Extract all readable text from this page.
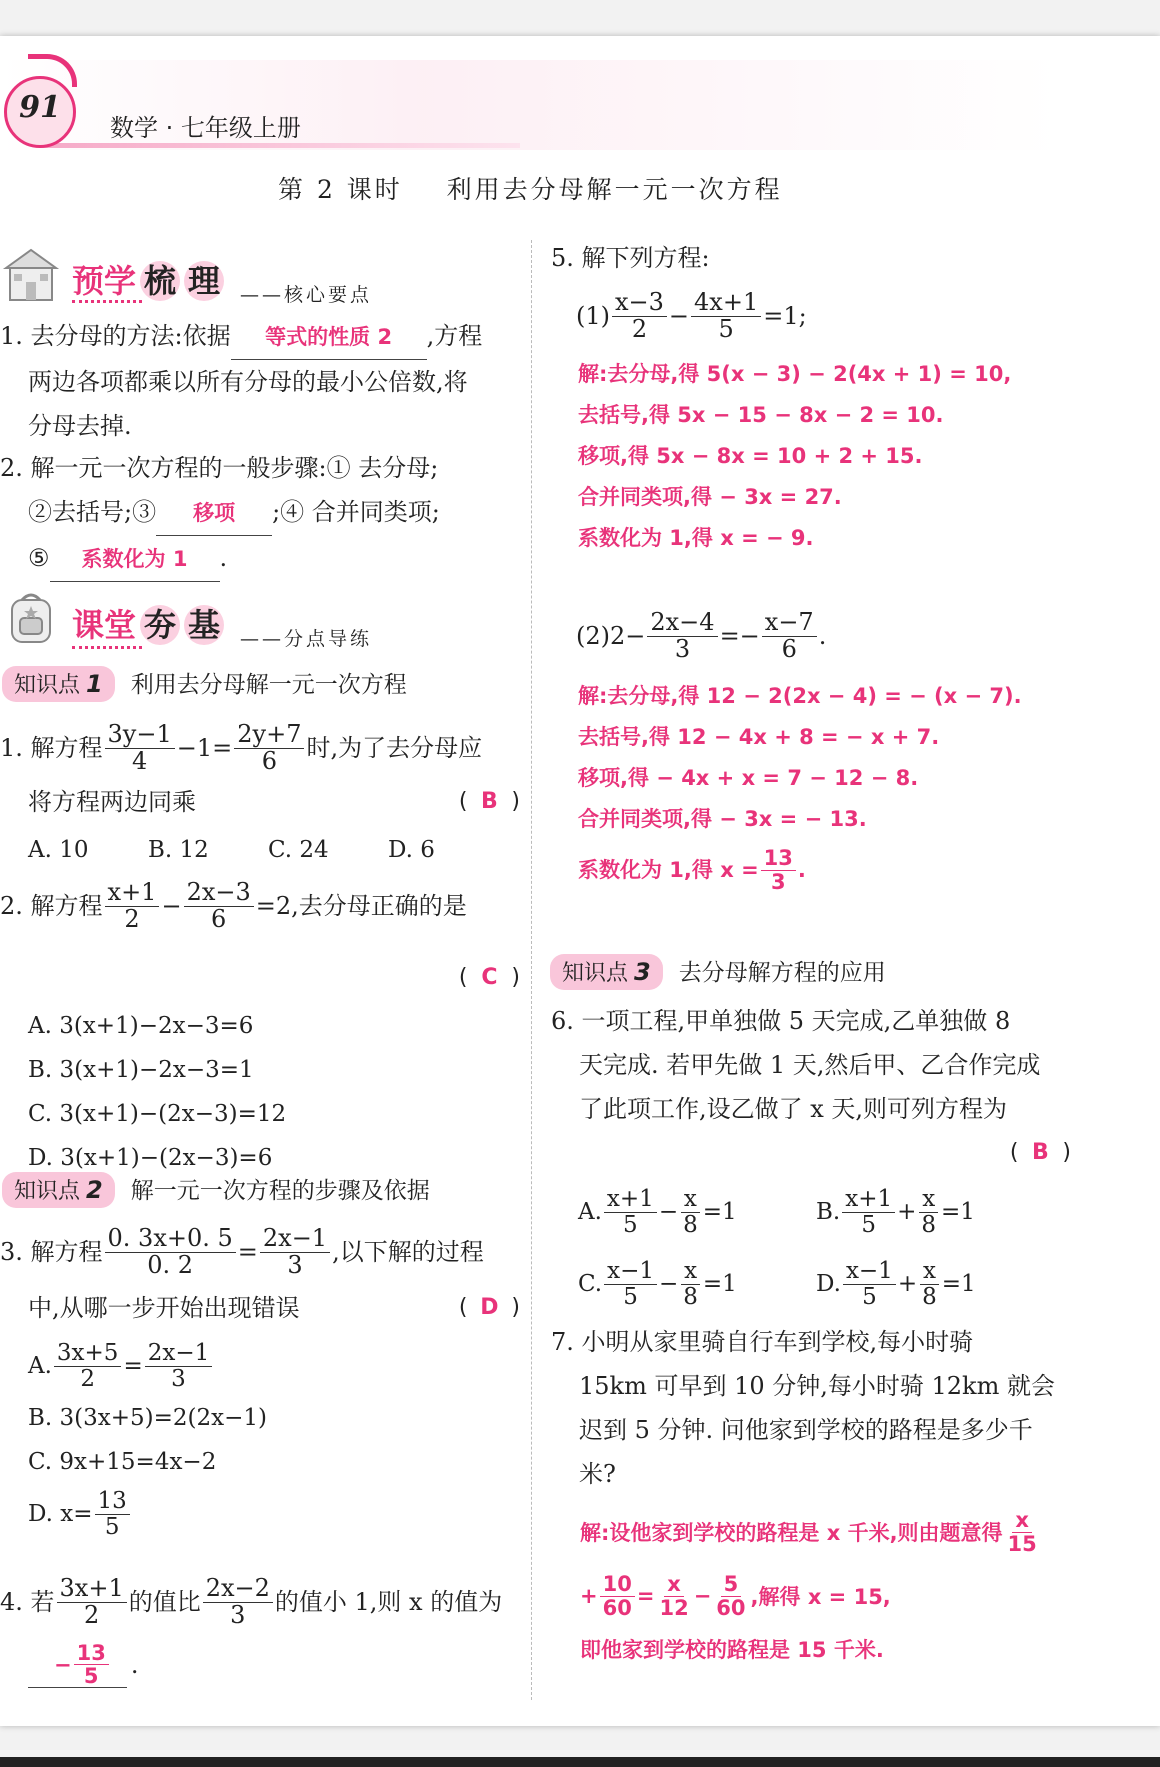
91
数学 · 七年级上册
第 2 课时    利用去分母解一元一次方程
预学 梳 理 ——核心要点
1. 去分母的方法:依据 等式的性质 2 ,方程
两边各项都乘以所有分母的最小公倍数,将
分母去掉.
2. 解一元一次方程的一般步骤:① 去分母;
②去括号;③ 移项 ;④ 合并同类项;
⑤ 系数化为 1 .
课堂 夯 基 ——分点导练
知识点 1 利用去分母解一元一次方程
1. 解方程 $\frac{3y-1}{4} -1= \frac{2y+7}{6}$ 时,为了去分母应
将方程两边同乘	( B )
A. 10	B. 12	C. 24	D. 6
2. 解方程 $\frac{x+1}{2} - \frac{2x-3}{6} =2$,去分母正确的是
( C )
A. 3(x+1)−2x−3=6
B. 3(x+1)−2x−3=1
C. 3(x+1)−(2x−3)=12
D. 3(x+1)−(2x−3)=6
知识点 2 解一元一次方程的步骤及依据
3. 解方程 $\frac{0. 3x+0. 5}{0. 2} = \frac{2x-1}{3}$ ,以下解的过程
中,从哪一步开始出现错误	( D )
A. $\frac{3x+5}{2} = \frac{2x-1}{3}$
B. 3(3x+5)=2(2x−1)
C. 9x+15=4x−2
D. $x= \frac{13}{5}$
4. 若 $\frac{3x+1}{2}$ 的值比 $\frac{2x-2}{3}$ 的值小 1,则 x 的值为
− $\frac{13}{5}$ .
5. 解下列方程:
$(1) \frac{x-3}{2} - \frac{4x+1}{5} =1$;
解:去分母,得 5(x − 3) − 2(4x + 1) = 10,
去括号,得 5x − 15 − 8x − 2 = 10.
移项,得 5x − 8x = 10 + 2 + 15.
合并同类项,得 − 3x = 27.
系数化为 1,得 x = − 9.
$(2)2- \frac{2x-4}{3} =- \frac{x-7}{6}$ .
解:去分母,得 12 − 2(2x − 4) = − (x − 7).
去括号,得 12 − 4x + 8 = − x + 7.
移项,得 − 4x + x = 7 − 12 − 8.
合并同类项,得 − 3x = − 13.
系数化为 1,得 $x = \frac{13}{3}$ .
知识点 3 去分母解方程的应用
6. 一项工程,甲单独做 5 天完成,乙单独做 8
天完成. 若甲先做 1 天,然后甲、乙合作完成
了此项工作,设乙做了 x 天,则可列方程为
( B )
A. $\frac{x+1}{5} - \frac{x}{8} =1$	B. $\frac{x+1}{5} + \frac{x}{8} =1$
C. $\frac{x-1}{5} - \frac{x}{8} =1$	D. $\frac{x-1}{5} + \frac{x}{8} =1$
7. 小明从家里骑自行车到学校,每小时骑
15km 可早到 10 分钟,每小时骑 12km 就会
迟到 5 分钟. 问他家到学校的路程是多少千
米?
解:设他家到学校的路程是 x 千米,则由题意得 $\frac{x}{15}$
+ $\frac{10}{60} = \frac{x}{12} - \frac{5}{60}$ ,解得 x = 15,
即他家到学校的路程是 15 千米.
